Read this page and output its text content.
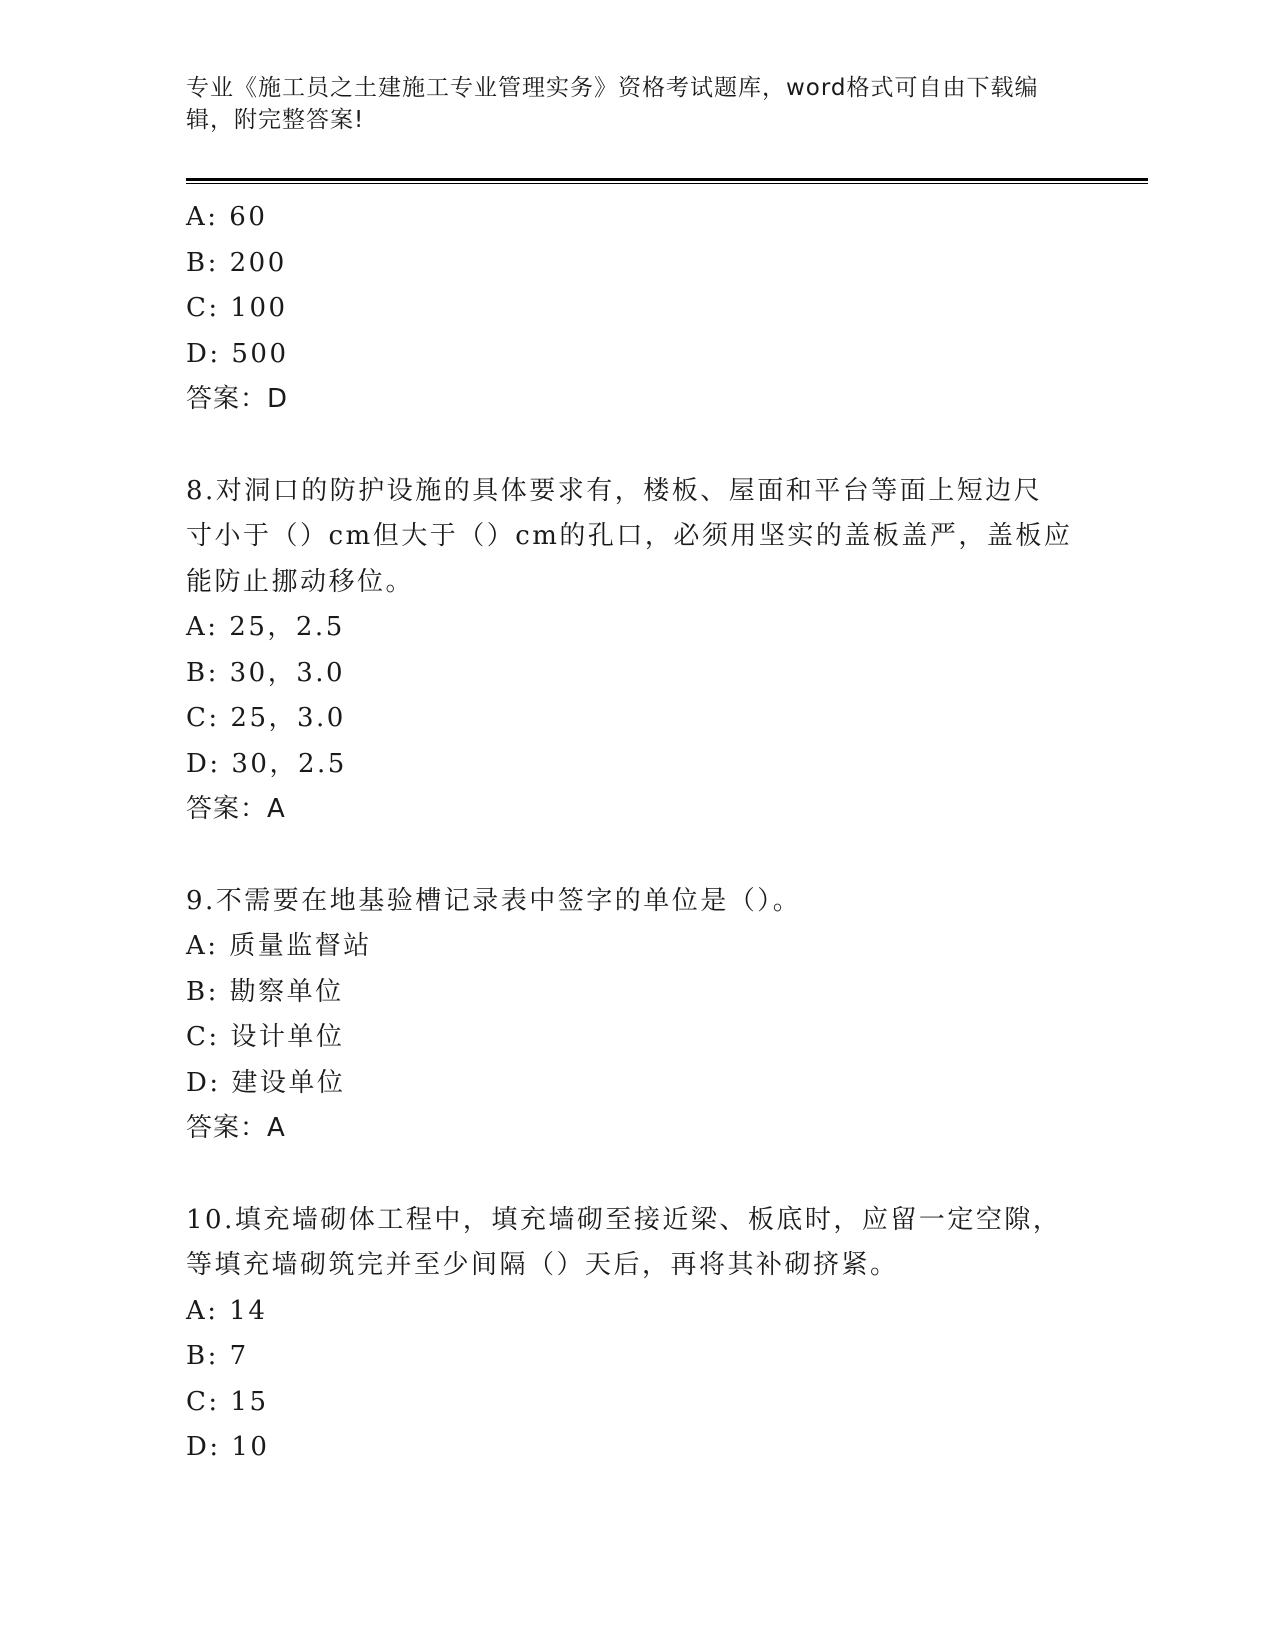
专业《施工员之土建施工专业管理实务》资格考试题库，word格式可自由下载编
辑，附完整答案!
A: 60
B: 200
C: 100
D: 500
答案：D
8.对洞口的防护设施的具体要求有，楼板、屋面和平台等面上短边尺
寸小于（）cm但大于（）cm的孔口，必须用坚实的盖板盖严，盖板应
能防止挪动移位。
A: 25，2.5
B: 30，3.0
C: 25，3.0
D: 30，2.5
答案：A
9.不需要在地基验槽记录表中签字的单位是（）。
A: 质量监督站
B: 勘察单位
C: 设计单位
D: 建设单位
答案：A
10.填充墙砌体工程中，填充墙砌至接近梁、板底时，应留一定空隙，
等填充墙砌筑完并至少间隔（）天后，再将其补砌挤紧。
A: 14
B: 7
C: 15
D: 10
